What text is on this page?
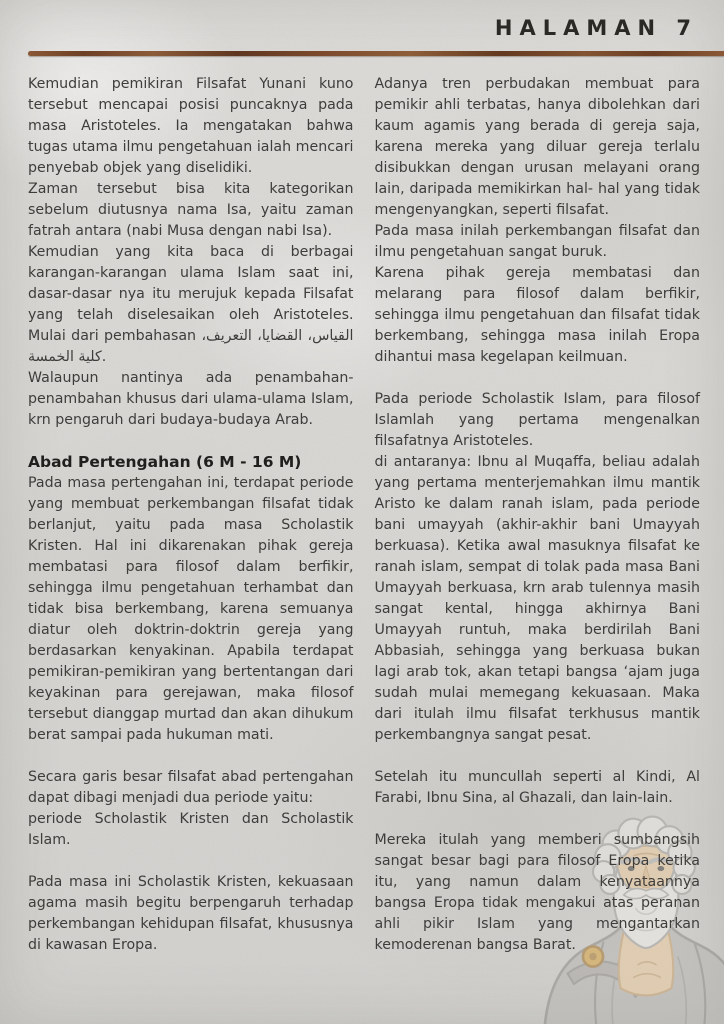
HALAMAN 7

Kemudian pemikiran Filsafat Yunani kuno tersebut mencapai posisi puncaknya pada masa Aristoteles. Ia mengatakan bahwa tugas utama ilmu pengetahuan ialah mencari penyebab objek yang diselidiki.

Zaman tersebut bisa kita kategorikan sebelum diutusnya nama Isa, yaitu zaman fatrah antara (nabi Musa dengan nabi Isa).

Kemudian yang kita baca di berbagai karangan-karangan ulama Islam saat ini, dasar-dasar nya itu merujuk kepada Filsafat yang telah diselesaikan oleh Aristoteles. Mulai dari pembahasan القياس، القضايا، التعريف، كلية الخمسة.

Walaupun nantinya ada penambahan-penambahan khusus dari ulama-ulama Islam, krn pengaruh dari budaya-budaya Arab.

Abad Pertengahan (6 M - 16 M)

Pada masa pertengahan ini, terdapat periode yang membuat perkembangan filsafat tidak berlanjut, yaitu pada masa Scholastik Kristen. Hal ini dikarenakan pihak gereja membatasi para filosof dalam berfikir, sehingga ilmu pengetahuan terhambat dan tidak bisa berkembang, karena semuanya diatur oleh doktrin-doktrin gereja yang berdasarkan kenyakinan. Apabila terdapat pemikiran-pemikiran yang bertentangan dari keyakinan para gerejawan, maka filosof tersebut dianggap murtad dan akan dihukum berat sampai pada hukuman mati.

Secara garis besar filsafat abad pertengahan dapat dibagi menjadi dua periode yaitu:

periode Scholastik Kristen dan Scholastik Islam.

Pada masa ini Scholastik Kristen, kekuasaan agama masih begitu berpengaruh terhadap perkembangan kehidupan filsafat, khususnya di kawasan Eropa.

Adanya tren perbudakan membuat para pemikir ahli terbatas, hanya dibolehkan dari kaum agamis yang berada di gereja saja, karena mereka yang diluar gereja terlalu disibukkan dengan urusan melayani orang lain, daripada memikirkan hal- hal yang tidak mengenyangkan, seperti filsafat.

Pada masa inilah perkembangan filsafat dan ilmu pengetahuan sangat buruk.

Karena pihak gereja membatasi dan melarang para filosof dalam berfikir, sehingga ilmu pengetahuan dan filsafat tidak berkembang, sehingga masa inilah Eropa dihantui masa kegelapan keilmuan.

Pada periode Scholastik Islam, para filosof Islamlah yang pertama mengenalkan filsafatnya Aristoteles.

di antaranya: Ibnu al Muqaffa, beliau adalah yang pertama menterjemahkan ilmu mantik Aristo ke dalam ranah islam, pada periode bani umayyah (akhir-akhir bani Umayyah berkuasa). Ketika awal masuknya filsafat ke ranah islam, sempat di tolak pada masa Bani Umayyah berkuasa, krn arab tulennya masih sangat kental, hingga akhirnya Bani Umayyah runtuh, maka berdirilah Bani Abbasiah, sehingga yang berkuasa bukan lagi arab tok, akan tetapi bangsa ‘ajam juga sudah mulai memegang kekuasaan. Maka dari itulah ilmu filsafat terkhusus mantik perkembangnya sangat pesat.

Setelah itu muncullah seperti al Kindi, Al Farabi, Ibnu Sina, al Ghazali, dan lain-lain.

Mereka itulah yang memberi sumbangsih sangat besar bagi para filosof Eropa ketika itu, yang namun dalam kenyataannya bangsa Eropa tidak mengakui atas peranan ahli pikir Islam yang mengantarkan kemoderenan bangsa Barat.
